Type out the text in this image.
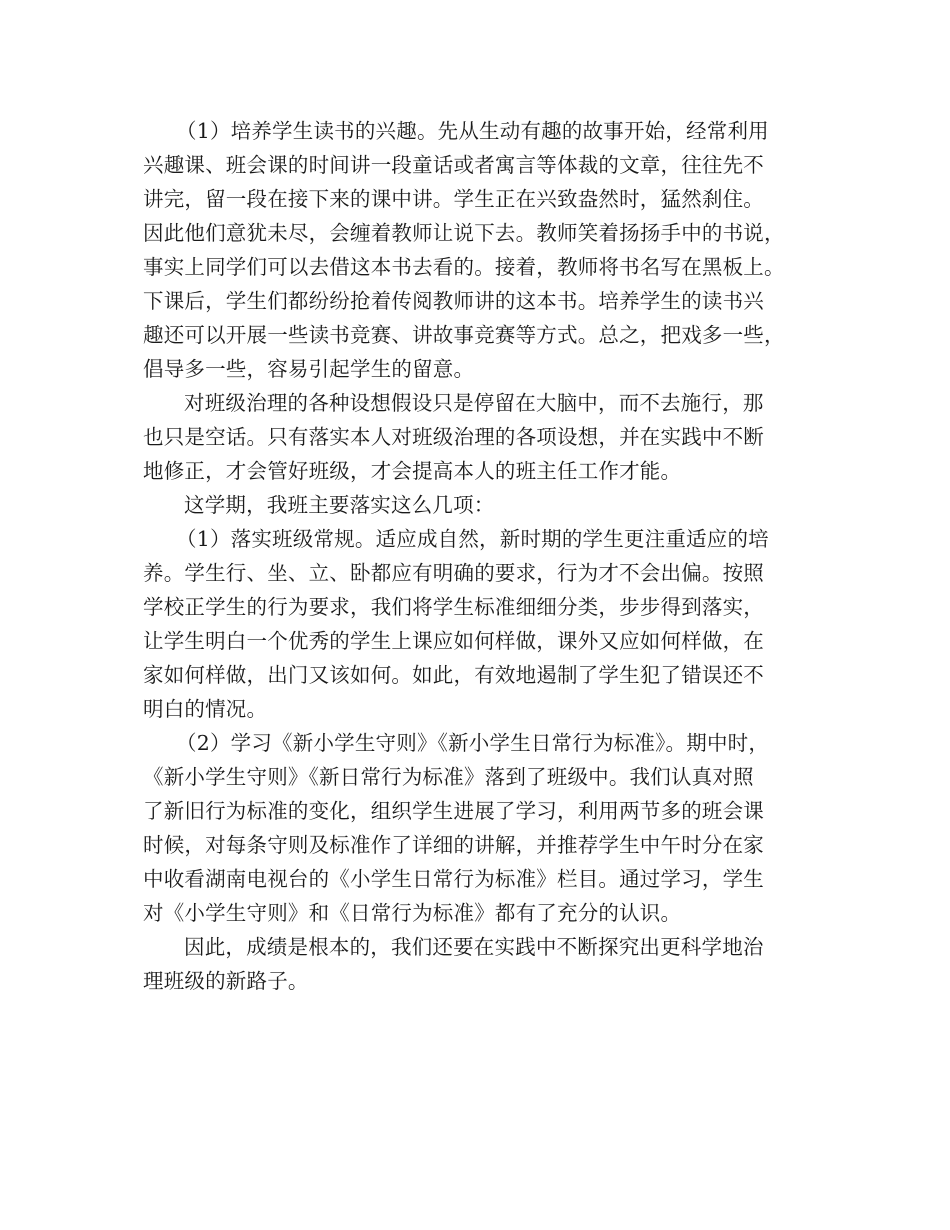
（1）培养学生读书的兴趣。先从生动有趣的故事开始，经常利用
兴趣课、班会课的时间讲一段童话或者寓言等体裁的文章，往往先不
讲完，留一段在接下来的课中讲。学生正在兴致盎然时，猛然刹住。
因此他们意犹未尽，会缠着教师让说下去。教师笑着扬扬手中的书说，
事实上同学们可以去借这本书去看的。接着，教师将书名写在黑板上。
下课后，学生们都纷纷抢着传阅教师讲的这本书。培养学生的读书兴
趣还可以开展一些读书竞赛、讲故事竞赛等方式。总之，把戏多一些，
倡导多一些，容易引起学生的留意。
对班级治理的各种设想假设只是停留在大脑中，而不去施行，那
也只是空话。只有落实本人对班级治理的各项设想，并在实践中不断
地修正，才会管好班级，才会提高本人的班主任工作才能。
这学期，我班主要落实这么几项：
（1）落实班级常规。适应成自然，新时期的学生更注重适应的培
养。学生行、坐、立、卧都应有明确的要求，行为才不会出偏。按照
学校正学生的行为要求，我们将学生标准细细分类，步步得到落实，
让学生明白一个优秀的学生上课应如何样做，课外又应如何样做，在
家如何样做，出门又该如何。如此，有效地遏制了学生犯了错误还不
明白的情况。
（2）学习《新小学生守则》《新小学生日常行为标准》。期中时，
《新小学生守则》《新日常行为标准》落到了班级中。我们认真对照
了新旧行为标准的变化，组织学生进展了学习，利用两节多的班会课
时候，对每条守则及标准作了详细的讲解，并推荐学生中午时分在家
中收看湖南电视台的《小学生日常行为标准》栏目。通过学习，学生
对《小学生守则》和《日常行为标准》都有了充分的认识。
因此，成绩是根本的，我们还要在实践中不断探究出更科学地治
理班级的新路子。
